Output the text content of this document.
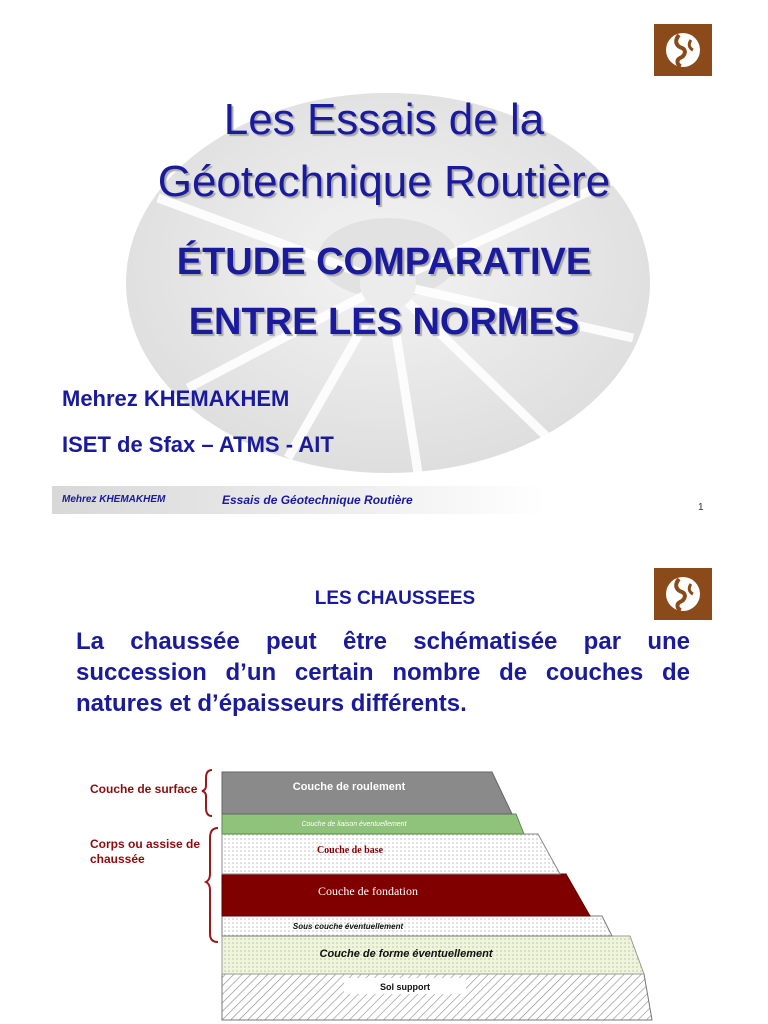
Les Essais de la
Géotechnique Routière
ÉTUDE COMPARATIVE
ENTRE LES NORMES
Mehrez KHEMAKHEM
ISET de Sfax – ATMS - AIT
Mehrez KHEMAKHEM	Essais de Géotechnique Routière
1
LES CHAUSSEES
La chaussée peut être schématisée par une succession d’un certain nombre de couches de natures et d’épaisseurs différents.
Couche de surface
Corps ou assise de
chaussée
Sol support
Couche de forme éventuellement
Sous couche éventuellement
Couche de fondation
Couche de base
Couche de liaison éventuellement
Couche de roulement
